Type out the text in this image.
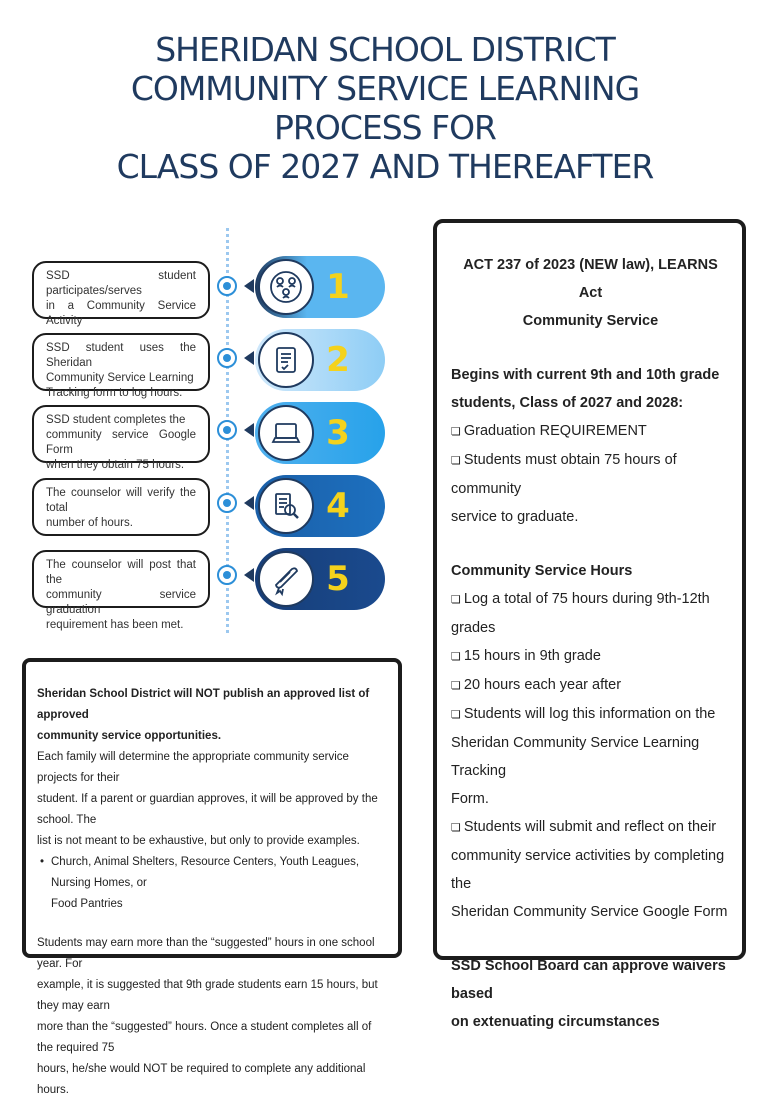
SHERIDAN SCHOOL DISTRICT
COMMUNITY SERVICE LEARNING
PROCESS FOR
CLASS OF 2027 AND THEREAFTER
SSD student participates/serves
in a Community Service Activity
1
SSD student uses the Sheridan
Community Service Learning
Tracking form to log hours.
2
SSD student completes the
community service Google Form
when they obtain 75 hours.
3
The counselor will verify the total
number of hours.	4
The counselor will post that the
community service graduation
requirement has been met.
5
Sheridan School District will NOT publish an approved list of approved
community service opportunities.
Each family will determine the appropriate community service projects for their
student. If a parent or guardian approves, it will be approved by the school. The
list is not meant to be exhaustive, but only to provide examples.
• Church, Animal Shelters, Resource Centers, Youth Leagues, Nursing Homes, or
Food Pantries
Students may earn more than the “suggested” hours in one school year. For
example, it is suggested that 9th grade students earn 15 hours, but they may earn
more than the “suggested” hours. Once a student completes all of the required 75
hours, he/she would NOT be required to complete any additional hours.
ACT 237 of 2023 (NEW law), LEARNS Act
Community Service
Begins with current 9th and 10th grade
students, Class of 2027 and 2028:
❏ Graduation REQUIREMENT
❏ Students must obtain 75 hours of community
service to graduate.
Community Service Hours
❏ Log a total of 75 hours during 9th-12th grades
❏ 15 hours in 9th grade
❏ 20 hours each year after
❏ Students will log this information on the
Sheridan Community Service Learning Tracking
Form.
❏ Students will submit and reflect on their
community service activities by completing the
Sheridan Community Service Google Form
SSD School Board can approve waivers based
on extenuating circumstances
